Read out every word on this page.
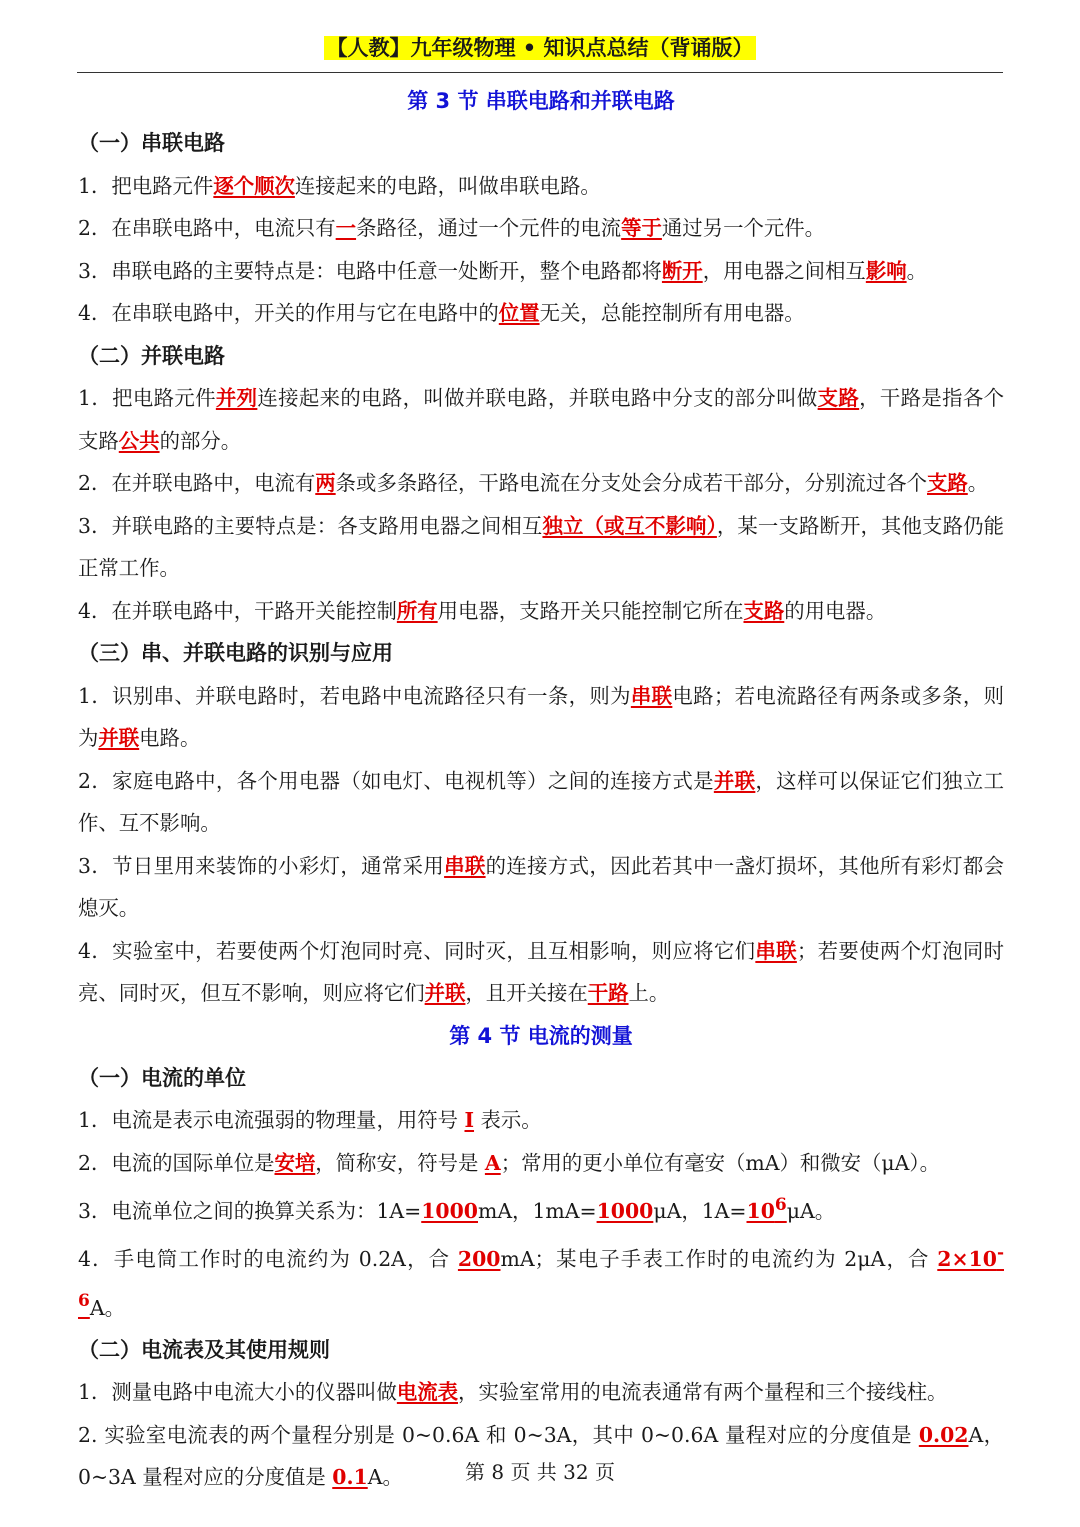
【人教】九年级物理 • 知识点总结（背诵版）
第 3 节 串联电路和并联电路
（一）串联电路

1．把电路元件逐个顺次连接起来的电路，叫做串联电路。

2．在串联电路中，电流只有一条路径，通过一个元件的电流等于通过另一个元件。

3．串联电路的主要特点是：电路中任意一处断开，整个电路都将断开，用电器之间相互影响。

4．在串联电路中，开关的作用与它在电路中的位置无关，总能控制所有用电器。

（二）并联电路

1．把电路元件并列连接起来的电路，叫做并联电路，并联电路中分支的部分叫做支路，干路是指各个支路公共的部分。

2．在并联电路中，电流有两条或多条路径，干路电流在分支处会分成若干部分，分别流过各个支路。

3．并联电路的主要特点是：各支路用电器之间相互独立（或互不影响），某一支路断开，其他支路仍能正常工作。

4．在并联电路中，干路开关能控制所有用电器，支路开关只能控制它所在支路的用电器。

（三）串、并联电路的识别与应用

1．识别串、并联电路时，若电路中电流路径只有一条，则为串联电路；若电流路径有两条或多条，则为并联电路。

2．家庭电路中，各个用电器（如电灯、电视机等）之间的连接方式是并联，这样可以保证它们独立工作、互不影响。

3．节日里用来装饰的小彩灯，通常采用串联的连接方式，因此若其中一盏灯损坏，其他所有彩灯都会熄灭。

4．实验室中，若要使两个灯泡同时亮、同时灭，且互相影响，则应将它们串联；若要使两个灯泡同时亮、同时灭，但互不影响，则应将它们并联，且开关接在干路上。

第 4 节 电流的测量
（一）电流的单位

1．电流是表示电流强弱的物理量，用符号 I 表示。

2．电流的国际单位是安培，简称安，符号是 A；常用的更小单位有毫安（mA）和微安（μA）。

3．电流单位之间的换算关系为：1A=1000mA，1mA=1000μA，$1A=10^6\mu A$。

4．手电筒工作时的电流约为 0.2A，合 200mA；某电子手表工作时的电流约为 2μA，合 $2\times 10^{-6}A$。

（二）电流表及其使用规则

1．测量电路中电流大小的仪器叫做电流表，实验室常用的电流表通常有两个量程和三个接线柱。

2. 实验室电流表的两个量程分别是 0~0.6A 和 0~3A，其中 0~0.6A 量程对应的分度值是 0.02A，0~3A 量程对应的分度值是 0.1A。	第 8 页 共 32 页
